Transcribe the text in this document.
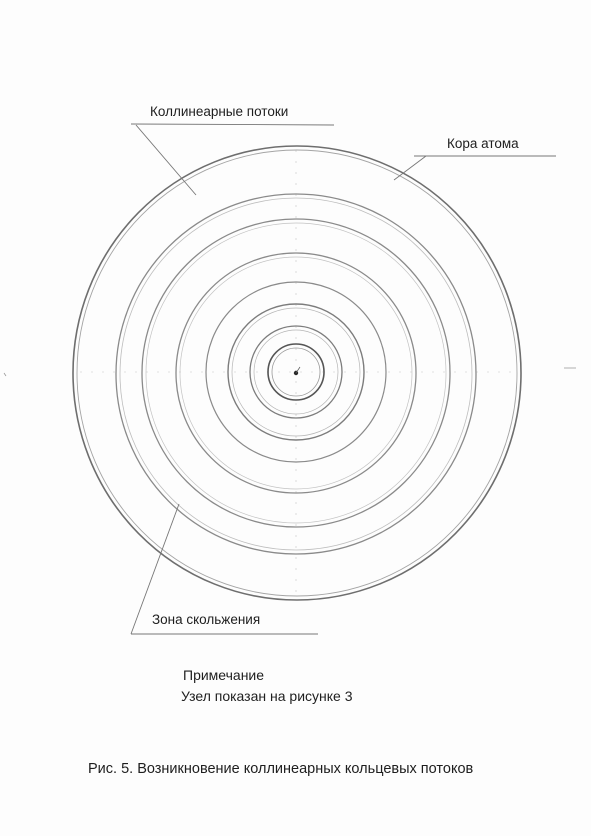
Коллинеарные потоки
Кора атома
Зона скольжения
Примечание
Узел показан на рисунке 3
Рис. 5. Возникновение коллинеарных кольцевых потоков
